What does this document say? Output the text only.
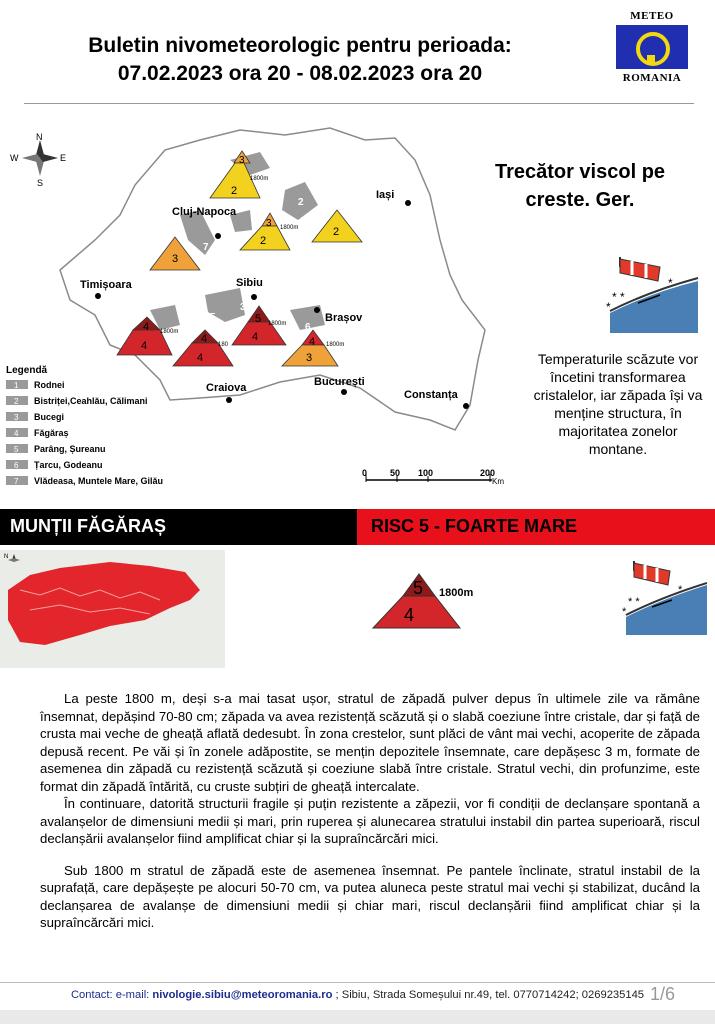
Buletin nivometeorologic pentru perioada:
07.02.2023 ora 20 - 08.02.2023 ora 20
METEO
ROMANIA
5
7
2
6
3
N
S
E
W
Cluj-Napoca
Iași
Timișoara	Sibiu
Brașov
Craiova	București
Constanța
3
2
1800m
3
2
1800m	2
3
4
4
1800m
4
4
180
5
4
1800m
4
3
1800m
Legendă
1 Rodnei
2 Bistriței,Ceahlău, Călimani
3 Bucegi
4 Făgăraș
5 Parâng, Șureanu
6 Țarcu, Godeanu
7 Vlădeasa, Muntele Mare, Gilău
0	50 100	200
Km
Trecător viscol pe creste. Ger.
* *
*
*
Temperaturile scăzute vor încetini transformarea cristalelor, iar zăpada își va menține structura, în majoritatea zonelor montane.
MUNȚII FĂGĂRAȘ	RISC 5 - FOARTE MARE
N
5
4
1800m
* *
*
*

La peste 1800 m, deși s-a mai tasat ușor, stratul de zăpadă pulver depus în ultimele zile va rămâne însemnat, depășind 70-80 cm; zăpada va avea rezistență scăzută și o slabă coeziune între cristale, dar și față de crusta mai veche de gheață aflată dedesubt. În zona crestelor, sunt plăci de vânt mai vechi, acoperite de zăpada depusă recent. Pe văi și în zonele adăpostite, se mențin depozitele însemnate, care depășesc 3 m, formate de asemenea din zăpadă cu rezistență scăzută și coeziune slabă între cristale. Stratul vechi, din profunzime, este format din zăpadă întărită, cu cruste subțiri de gheață intercalate.

În continuare, datorită structurii fragile și puțin rezistente a zăpezii, vor fi condiții de declanșare spontană a avalanșelor de dimensiuni medii și mari, prin ruperea și alunecarea stratului instabil din partea superioară, riscul declanșării avalanșelor fiind amplificat chiar și la supraîncărcări mici.

Sub 1800 m stratul de zăpadă este de asemenea însemnat. Pe pantele înclinate, stratul instabil de la suprafață, care depășește pe alocuri 50-70 cm, va putea aluneca peste stratul mai vechi și stabilizat, ducând la declanșarea de avalanșe de dimensiuni medii și chiar mari, riscul declanșării fiind amplificat chiar și la supraîncărcări mici.

Contact: e-mail: nivologie.sibiu@meteoromania.ro ; Sibiu, Strada Someșului nr.49, tel. 0770714242; 0269235145 1/6
